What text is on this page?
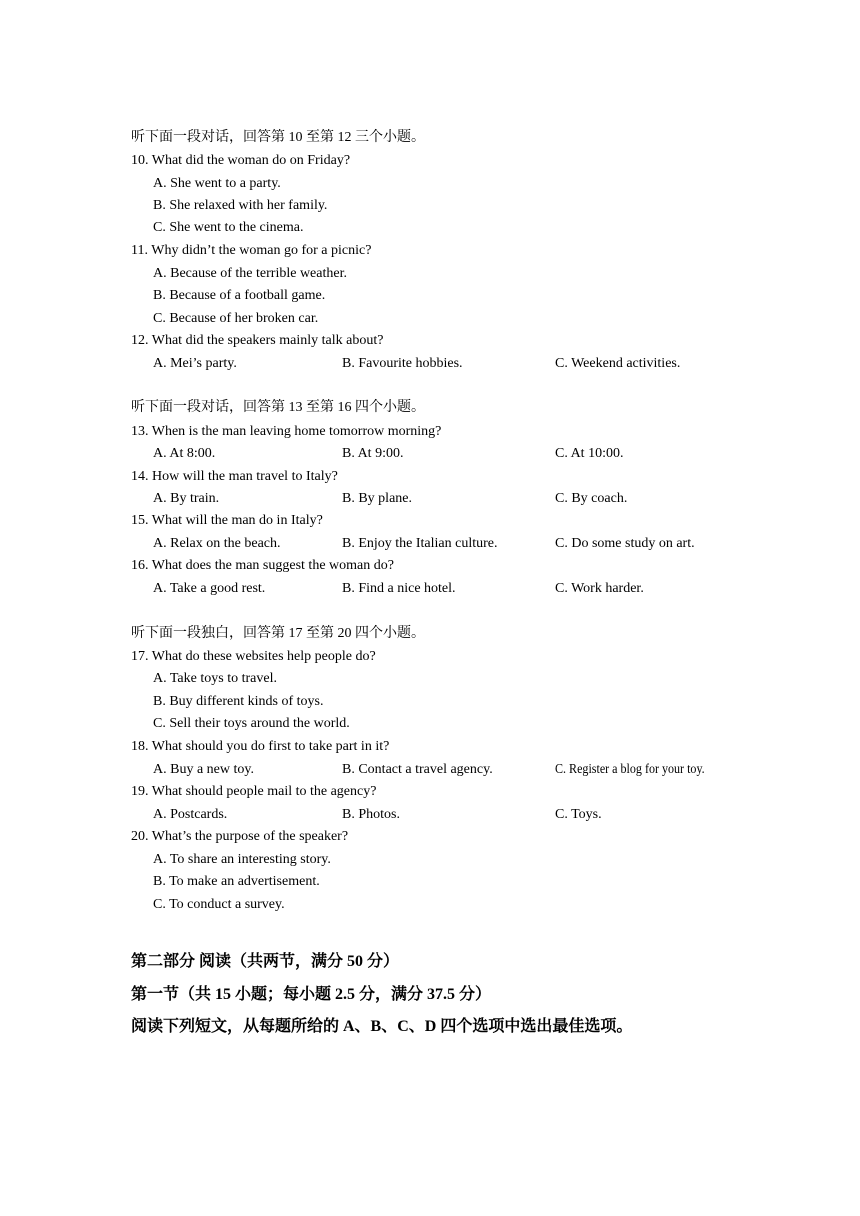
听下面一段对话，回答第 10 至第 12 三个小题。
10. What did the woman do on Friday?
A. She went to a party.
B. She relaxed with her family.
C. She went to the cinema.
11. Why didn’t the woman go for a picnic?
A. Because of the terrible weather.
B. Because of a football game.
C. Because of her broken car.
12. What did the speakers mainly talk about?
A. Mei’s party.	B. Favourite hobbies.	C. Weekend activities.
听下面一段对话，回答第 13 至第 16 四个小题。
13. When is the man leaving home tomorrow morning?
A. At 8:00.	B. At 9:00.	C. At 10:00.
14. How will the man travel to Italy?
A. By train.	B. By plane.	C. By coach.
15. What will the man do in Italy?
A. Relax on the beach.	B. Enjoy the Italian culture.	C. Do some study on art.
16. What does the man suggest the woman do?
A. Take a good rest.	B. Find a nice hotel.	C. Work harder.
听下面一段独白，回答第 17 至第 20 四个小题。
17. What do these websites help people do?
A. Take toys to travel.
B. Buy different kinds of toys.
C. Sell their toys around the world.
18. What should you do first to take part in it?
A. Buy a new toy.	B. Contact a travel agency.	C. Register a blog for your toy.
19. What should people mail to the agency?
A. Postcards.	B. Photos.	C. Toys.
20. What’s the purpose of the speaker?
A. To share an interesting story.
B. To make an advertisement.
C. To conduct a survey.
第二部分 阅读（共两节，满分 50 分）
第一节（共 15 小题；每小题 2.5 分，满分 37.5 分）
阅读下列短文，从每题所给的 A、B、C、D 四个选项中选出最佳选项。
